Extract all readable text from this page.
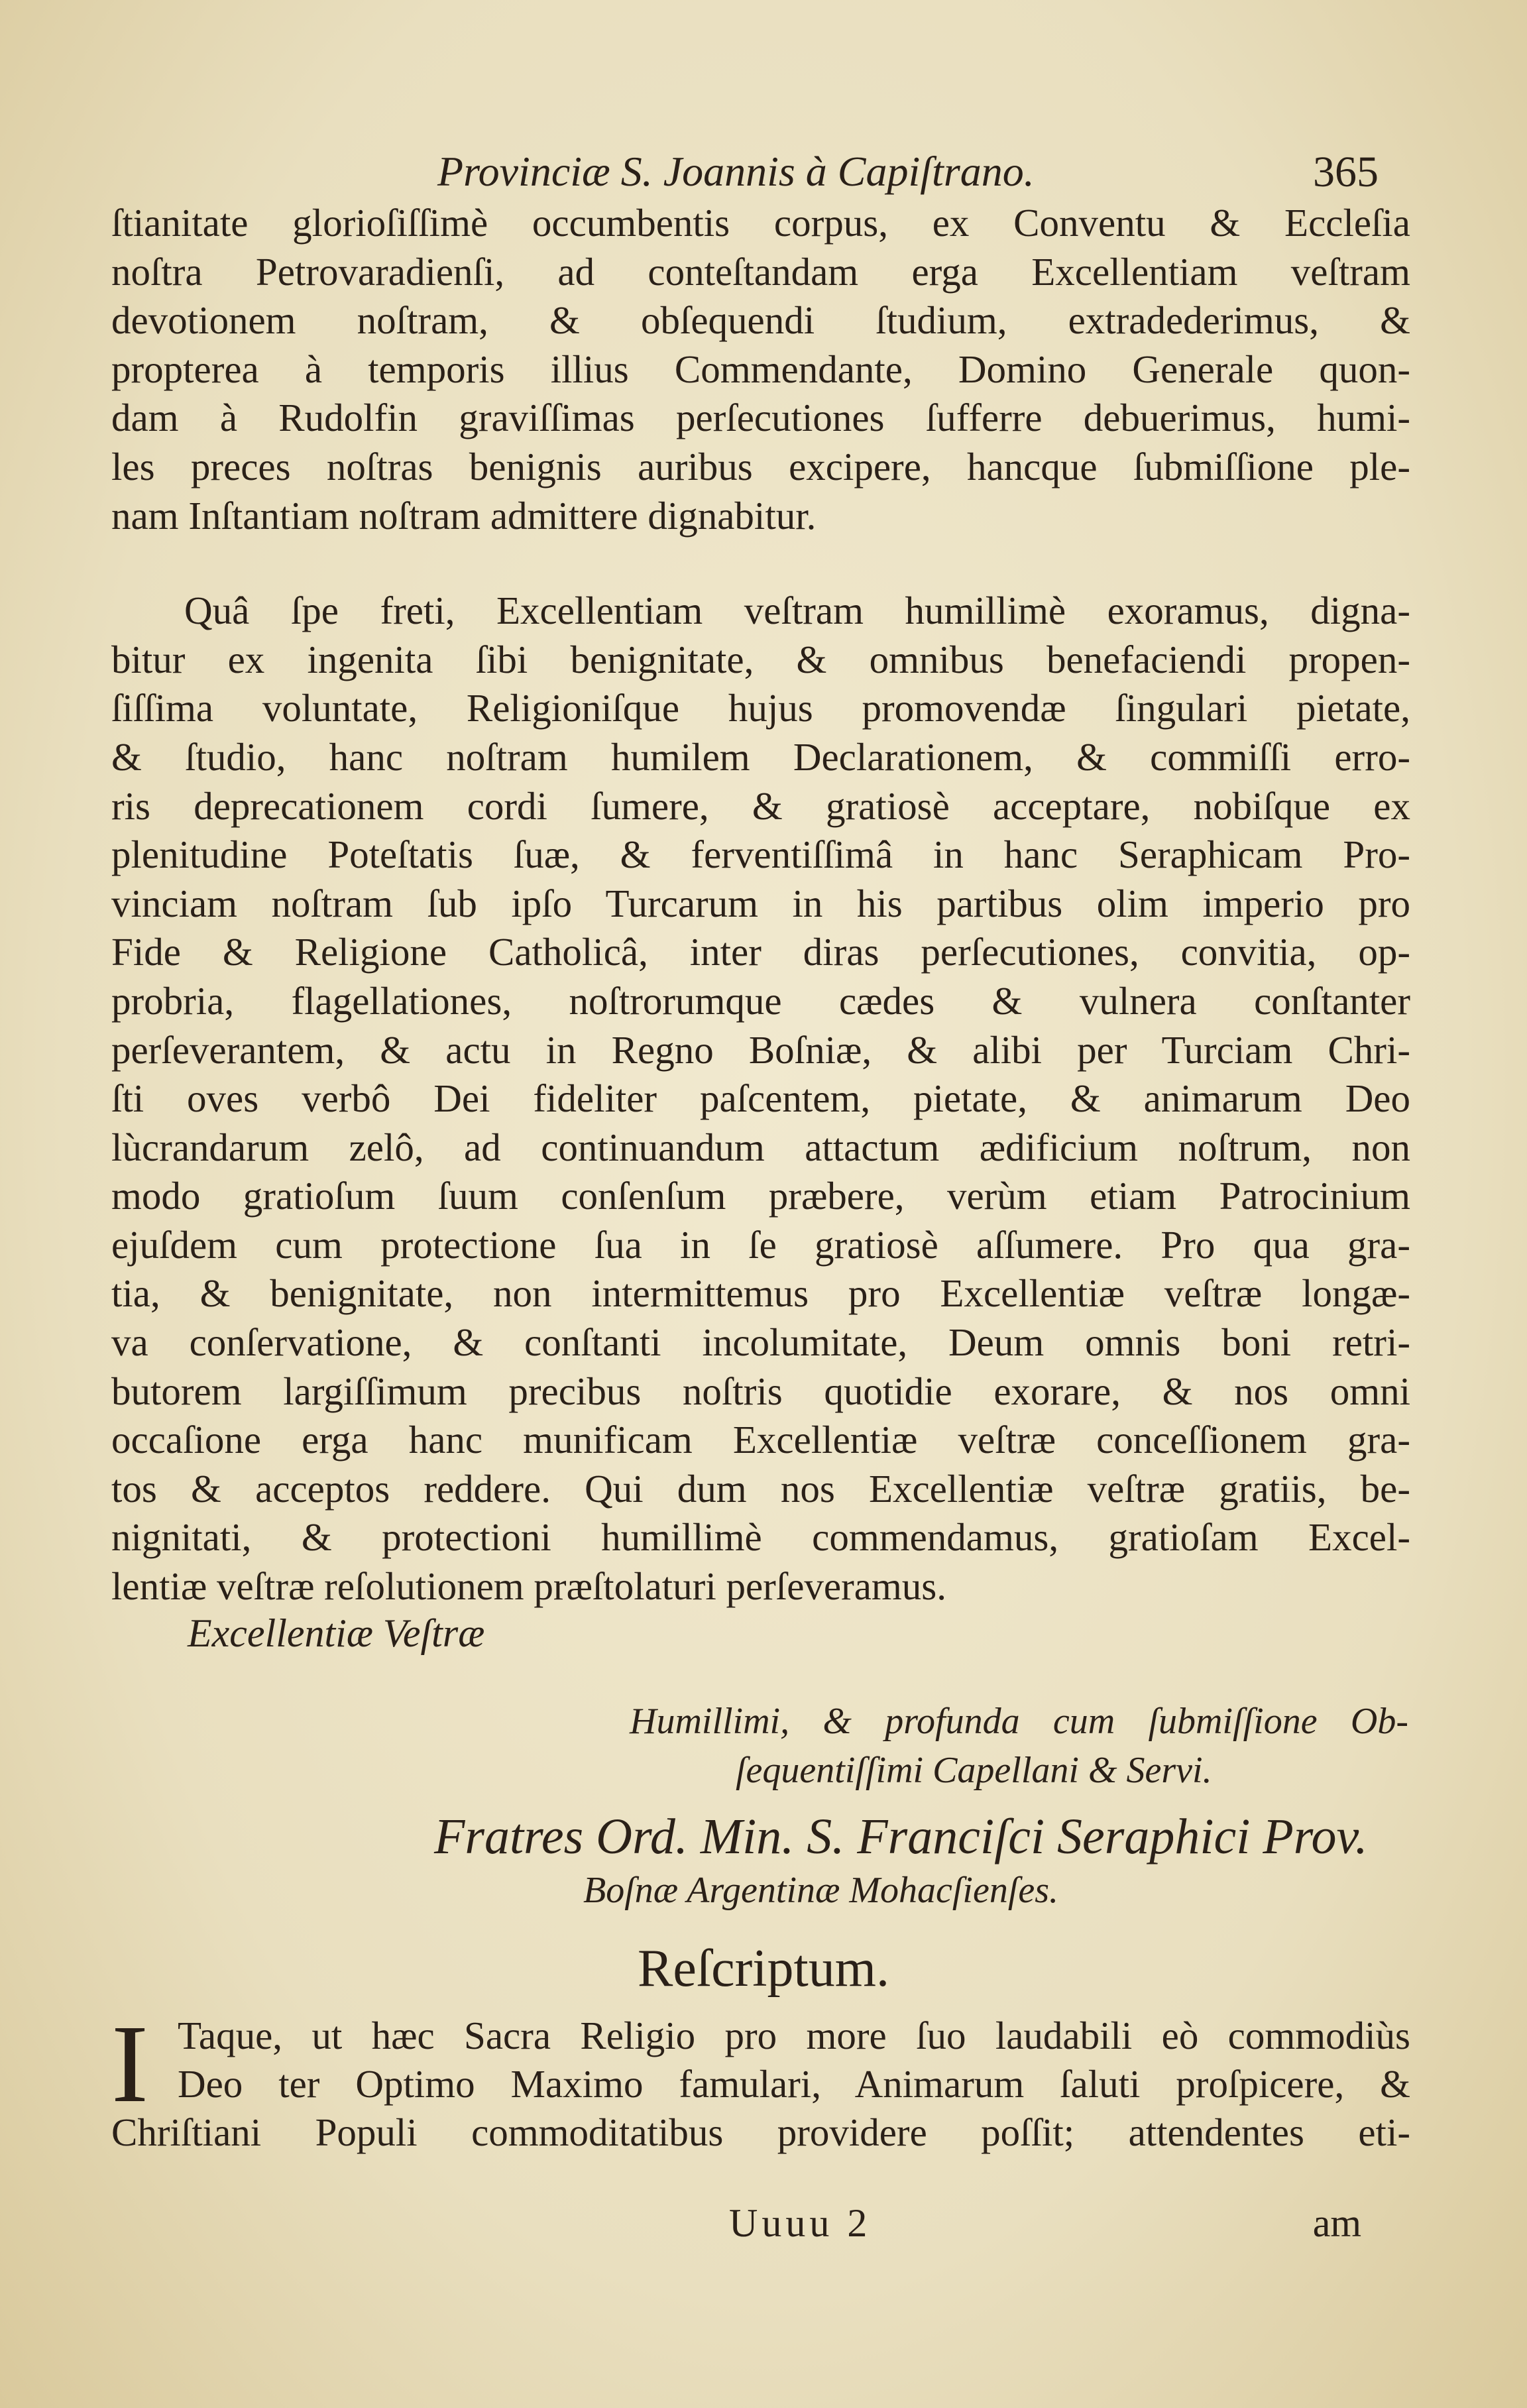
Provinciæ S. Joannis à Capiſtrano.	365

ſtianitate glorioſiſſimè occumbentis corpus, ex Conventu & Eccleſia
noſtra Petrovaradienſi, ad conteſtandam erga Excellentiam veſtram
devotionem noſtram, & obſequendi ſtudium, extradederimus, &
propterea à temporis illius Commendante, Domino Generale quon-
dam à Rudolfin graviſſimas perſecutiones ſufferre debuerimus, humi-
les preces noſtras benignis auribus excipere, hancque ſubmiſſione ple-
nam Inſtantiam noſtram admittere dignabitur.

Quâ ſpe freti, Excellentiam veſtram humillimè exoramus, digna-
bitur ex ingenita ſibi benignitate, & omnibus benefaciendi propen-
ſiſſima voluntate, Religioniſque hujus promovendæ ſingulari pietate,
& ſtudio, hanc noſtram humilem Declarationem, & commiſſi erro-
ris deprecationem cordi ſumere, & gratiosè acceptare, nobiſque ex
plenitudine Poteſtatis ſuæ, & ferventiſſimâ in hanc Seraphicam Pro-
vinciam noſtram ſub ipſo Turcarum in his partibus olim imperio pro
Fide & Religione Catholicâ, inter diras perſecutiones, convitia, op-
probria, flagellationes, noſtrorumque cædes & vulnera conſtanter
perſeverantem, & actu in Regno Boſniæ, & alibi per Turciam Chri-
ſti oves verbô Dei fideliter paſcentem, pietate, & animarum Deo
lùcrandarum zelô, ad continuandum attactum ædificium noſtrum, non
modo gratioſum ſuum conſenſum præbere, verùm etiam Patrocinium
ejuſdem cum protectione ſua in ſe gratiosè aſſumere. Pro qua gra-
tia, & benignitate, non intermittemus pro Excellentiæ veſtræ longæ-
va conſervatione, & conſtanti incolumitate, Deum omnis boni retri-
butorem largiſſimum precibus noſtris quotidie exorare, & nos omni
occaſione erga hanc munificam Excellentiæ veſtræ conceſſionem gra-
tos & acceptos reddere. Qui dum nos Excellentiæ veſtræ gratiis, be-
nignitati, & protectioni humillimè commendamus, gratioſam Excel-
lentiæ veſtræ reſolutionem præſtolaturi perſeveramus.

Excellentiæ Veſtræ
Humillimi, & profunda cum ſubmiſſione Ob-
ſequentiſſimi Capellani & Servi.
Fratres Ord. Min. S. Franciſci Seraphici Prov.
Boſnæ Argentinæ Mohacſienſes.
Reſcriptum.
I Taque, ut hæc Sacra Religio pro more ſuo laudabili eò commodiùs
Deo ter Optimo Maximo famulari, Animarum ſaluti proſpicere, &
Chriſtiani Populi commoditatibus providere poſſit; attendentes eti-
Uuuu 2	am
